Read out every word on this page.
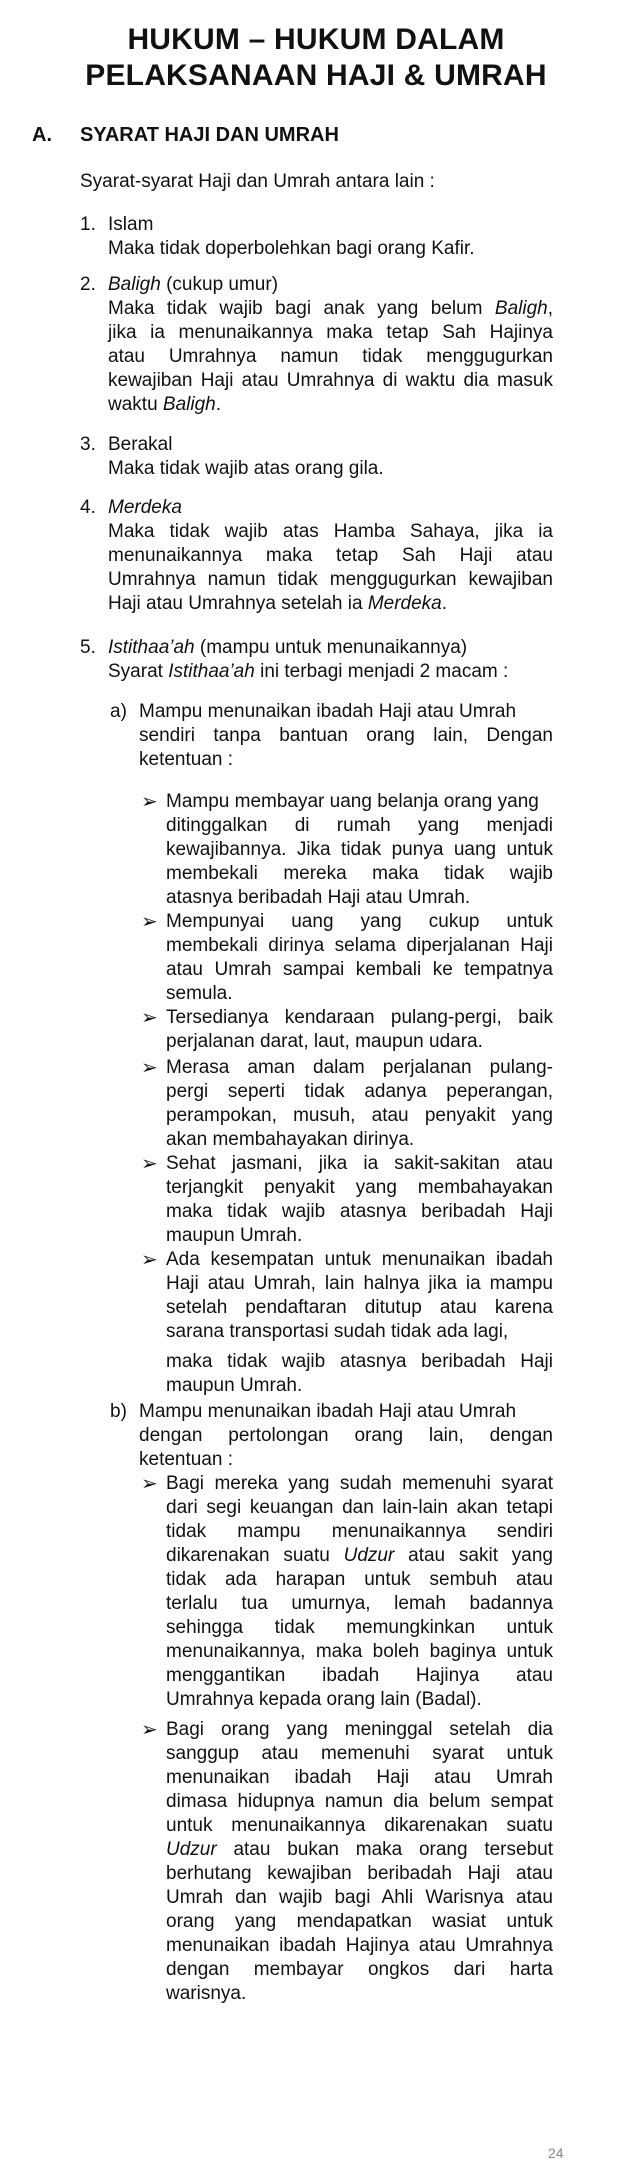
HUKUM – HUKUM DALAM
PELAKSANAAN HAJI & UMRAH
A. SYARAT HAJI DAN UMRAH
Syarat-syarat Haji dan Umrah antara lain :
1. Islam
Maka tidak doperbolehkan bagi orang Kafir.
2. Baligh (cukup umur)
Maka tidak wajib bagi anak yang belum Baligh,
jika ia menunaikannya maka tetap Sah Hajinya
atau Umrahnya namun tidak menggugurkan
kewajiban Haji atau Umrahnya di waktu dia masuk
waktu Baligh.
3. Berakal
Maka tidak wajib atas orang gila.
4. Merdeka
Maka tidak wajib atas Hamba Sahaya, jika ia
menunaikannya maka tetap Sah Haji atau
Umrahnya namun tidak menggugurkan kewajiban
Haji atau Umrahnya setelah ia Merdeka.
5. Istithaa’ah (mampu untuk menunaikannya)
Syarat Istithaa’ah ini terbagi menjadi 2 macam :
a) Mampu menunaikan ibadah Haji atau Umrah
sendiri tanpa bantuan orang lain, Dengan
ketentuan :
➢ Mampu membayar uang belanja orang yang
ditinggalkan di rumah yang menjadi
kewajibannya. Jika tidak punya uang untuk
membekali mereka maka tidak wajib
atasnya beribadah Haji atau Umrah.
➢ Mempunyai uang yang cukup untuk
membekali dirinya selama diperjalanan Haji
atau Umrah sampai kembali ke tempatnya
semula.
➢ Tersedianya kendaraan pulang-pergi, baik
perjalanan darat, laut, maupun udara.
➢ Merasa aman dalam perjalanan pulang-
pergi seperti tidak adanya peperangan,
perampokan, musuh, atau penyakit yang
akan membahayakan dirinya.
➢ Sehat jasmani, jika ia sakit-sakitan atau
terjangkit penyakit yang membahayakan
maka tidak wajib atasnya beribadah Haji
maupun Umrah.
➢ Ada kesempatan untuk menunaikan ibadah
Haji atau Umrah, lain halnya jika ia mampu
setelah pendaftaran ditutup atau karena
sarana transportasi sudah tidak ada lagi,
maka tidak wajib atasnya beribadah Haji
maupun Umrah.
b) Mampu menunaikan ibadah Haji atau Umrah
dengan pertolongan orang lain, dengan
ketentuan :
➢ Bagi mereka yang sudah memenuhi syarat
dari segi keuangan dan lain-lain akan tetapi
tidak mampu menunaikannya sendiri
dikarenakan suatu Udzur atau sakit yang
tidak ada harapan untuk sembuh atau
terlalu tua umurnya, lemah badannya
sehingga tidak memungkinkan untuk
menunaikannya, maka boleh baginya untuk
menggantikan ibadah Hajinya atau
Umrahnya kepada orang lain (Badal).
➢ Bagi orang yang meninggal setelah dia
sanggup atau memenuhi syarat untuk
menunaikan ibadah Haji atau Umrah
dimasa hidupnya namun dia belum sempat
untuk menunaikannya dikarenakan suatu
Udzur atau bukan maka orang tersebut
berhutang kewajiban beribadah Haji atau
Umrah dan wajib bagi Ahli Warisnya atau
orang yang mendapatkan wasiat untuk
menunaikan ibadah Hajinya atau Umrahnya
dengan membayar ongkos dari harta
warisnya.
24
